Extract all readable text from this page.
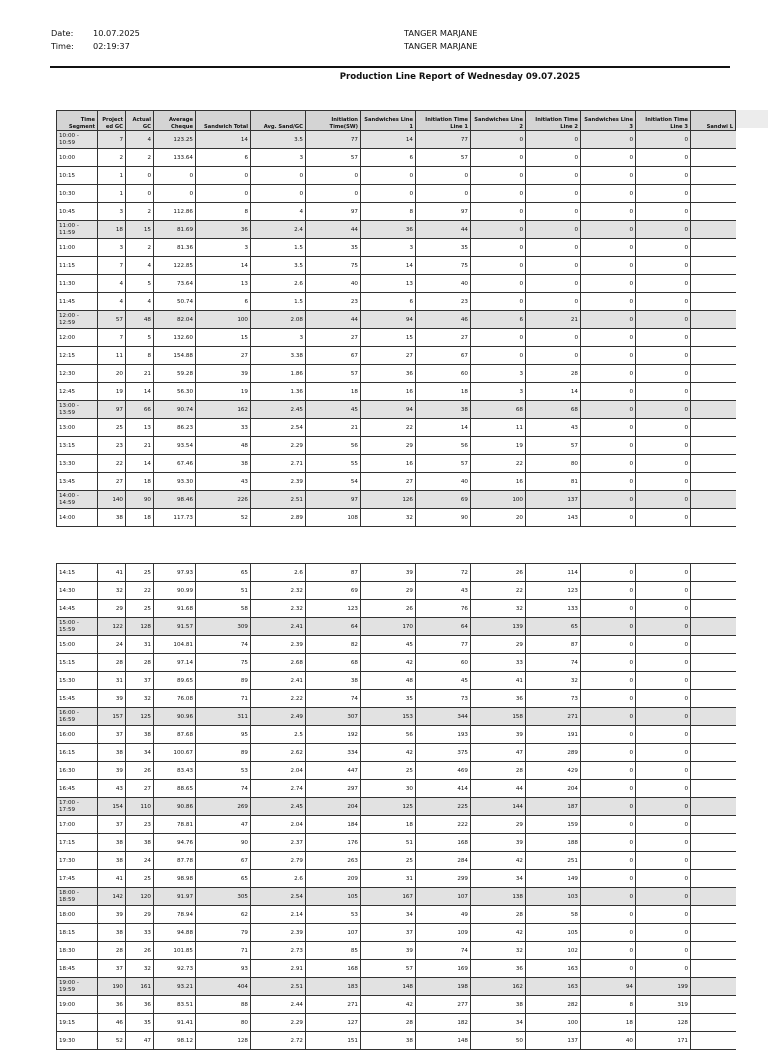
Date: 10.07.2025
Time: 02:19:37
TANGER MARJANE
TANGER MARJANE
Production Line Report of Wednesday 09.07.2025
Time Segment	Project ed GC	Actual GC	Average Cheque	Sandwich Total	Avg. Sand/GC	Initiation Time(SW)	Sandwiches Line 1	Initiation Time Line 1	Sandwiches Line 2	Initiation Time Line 2	Sandwiches Line 3	Initiation Time Line 3	Sandwi L
10:00 - 10:59	7	4	123.25	14	3.5	77	14	77	0	0	0	0	
10:00	2	2	133.64	6	3	57	6	57	0	0	0	0	
10:15	1	0	0	0	0	0	0	0	0	0	0	0	
10:30	1	0	0	0	0	0	0	0	0	0	0	0	
10:45	3	2	112.86	8	4	97	8	97	0	0	0	0	
11:00 - 11:59	18	15	81.69	36	2.4	44	36	44	0	0	0	0	
11:00	3	2	81.36	3	1.5	35	3	35	0	0	0	0	
11:15	7	4	122.85	14	3.5	75	14	75	0	0	0	0	
11:30	4	5	73.64	13	2.6	40	13	40	0	0	0	0	
11:45	4	4	50.74	6	1.5	23	6	23	0	0	0	0	
12:00 - 12:59	57	48	82.04	100	2.08	44	94	46	6	21	0	0	
12:00	7	5	132.60	15	3	27	15	27	0	0	0	0	
12:15	11	8	154.88	27	3.38	67	27	67	0	0	0	0	
12:30	20	21	59.28	39	1.86	57	36	60	3	28	0	0	
12:45	19	14	56.30	19	1.36	18	16	18	3	14	0	0	
13:00 - 13:59	97	66	90.74	162	2.45	45	94	38	68	68	0	0	
13:00	25	13	86.23	33	2.54	21	22	14	11	43	0	0	
13:15	23	21	93.54	48	2.29	56	29	56	19	57	0	0	
13:30	22	14	67.46	38	2.71	55	16	57	22	80	0	0	
13:45	27	18	93.30	43	2.39	54	27	40	16	81	0	0	
14:00 - 14:59	140	90	98.46	226	2.51	97	126	69	100	137	0	0	
14:00	38	18	117.73	52	2.89	108	32	90	20	143	0	0	
14:15	41	25	97.93	65	2.6	87	39	72	26	114	0	0	
14:30	32	22	90.99	51	2.32	69	29	43	22	123	0	0	
14:45	29	25	91.68	58	2.32	123	26	76	32	133	0	0	
15:00 - 15:59	122	128	91.57	309	2.41	64	170	64	139	65	0	0	
15:00	24	31	104.81	74	2.39	82	45	77	29	87	0	0	
15:15	28	28	97.14	75	2.68	68	42	60	33	74	0	0	
15:30	31	37	89.65	89	2.41	38	48	45	41	32	0	0	
15:45	39	32	76.08	71	2.22	74	35	73	36	73	0	0	
16:00 - 16:59	157	125	90.96	311	2.49	307	153	344	158	271	0	0	
16:00	37	38	87.68	95	2.5	192	56	193	39	191	0	0	
16:15	38	34	100.67	89	2.62	334	42	375	47	289	0	0	
16:30	39	26	83.43	53	2.04	447	25	469	28	429	0	0	
16:45	43	27	88.65	74	2.74	297	30	414	44	204	0	0	
17:00 - 17:59	154	110	90.86	269	2.45	204	125	225	144	187	0	0	
17:00	37	23	78.81	47	2.04	184	18	222	29	159	0	0	
17:15	38	38	94.76	90	2.37	176	51	168	39	188	0	0	
17:30	38	24	87.78	67	2.79	263	25	284	42	251	0	0	
17:45	41	25	98.98	65	2.6	209	31	299	34	149	0	0	
18:00 - 18:59	142	120	91.97	305	2.54	105	167	107	138	103	0	0	
18:00	39	29	78.94	62	2.14	53	34	49	28	58	0	0	
18:15	38	33	94.88	79	2.39	107	37	109	42	105	0	0	
18:30	28	26	101.85	71	2.73	85	39	74	32	102	0	0	
18:45	37	32	92.73	93	2.91	168	57	169	36	163	0	0	
19:00 - 19:59	190	161	93.21	404	2.51	183	148	198	162	163	94	199	
19:00	36	36	83.51	88	2.44	271	42	277	38	282	8	319	
19:15	46	35	91.41	80	2.29	127	28	182	34	100	18	128	
19:30	52	47	98.12	128	2.72	151	38	148	50	137	40	171	
